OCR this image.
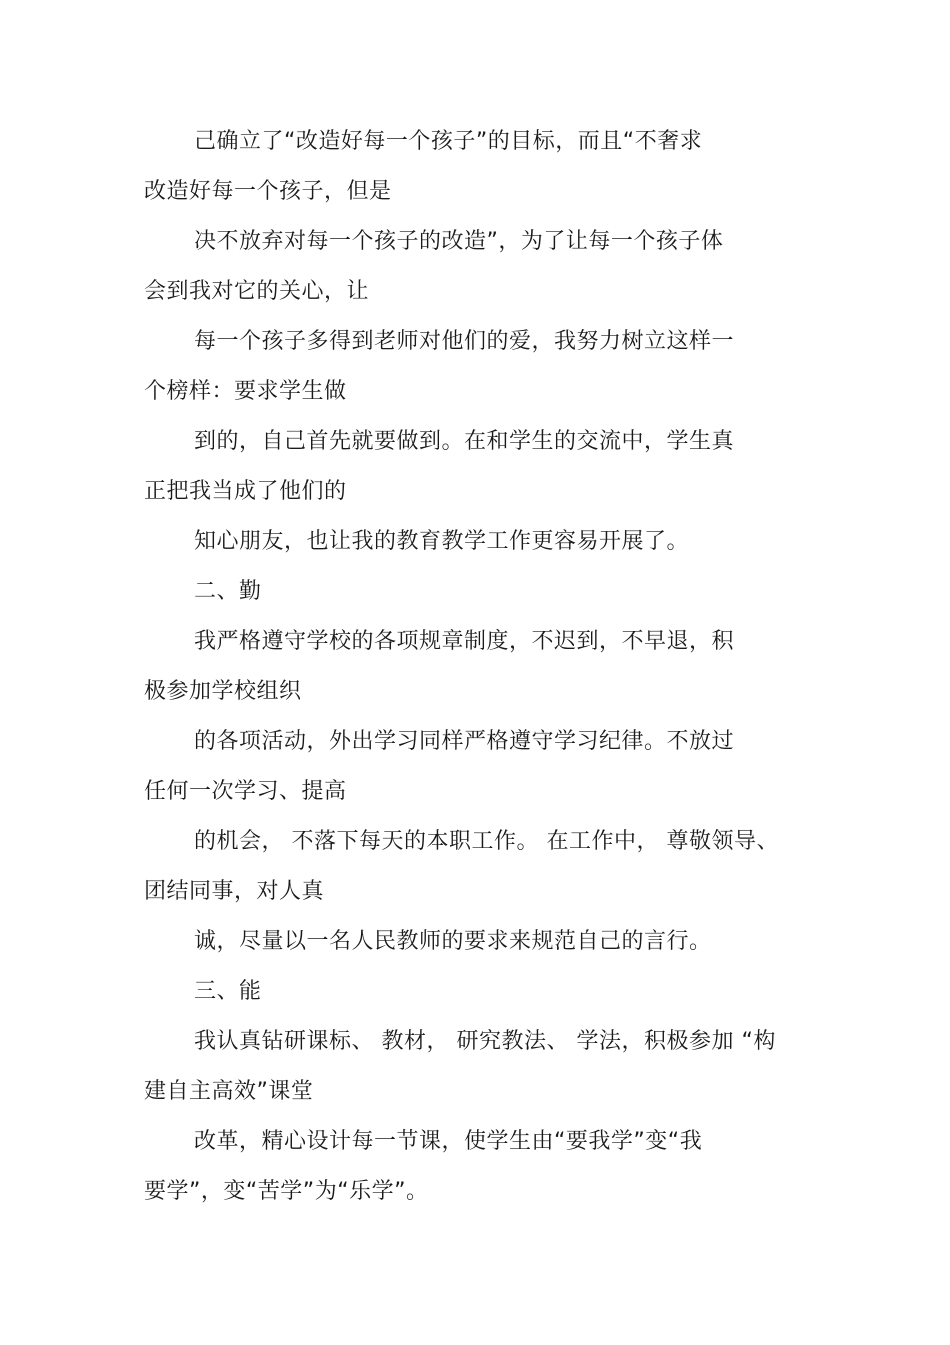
己确立了“改造好每一个孩子”的目标，而且“不奢求
改造好每一个孩子，但是
决不放弃对每一个孩子的改造”，为了让每一个孩子体
会到我对它的关心，让
每一个孩子多得到老师对他们的爱，我努力树立这样一
个榜样：要求学生做
到的，自己首先就要做到。在和学生的交流中，学生真
正把我当成了他们的
知心朋友，也让我的教育教学工作更容易开展了。
二、勤
我严格遵守学校的各项规章制度，不迟到，不早退，积
极参加学校组织
的各项活动，外出学习同样严格遵守学习纪律。不放过
任何一次学习、提高
的机会， 不落下每天的本职工作。 在工作中， 尊敬领导、
团结同事，对人真
诚，尽量以一名人民教师的要求来规范自己的言行。
三、能
我认真钻研课标、 教材， 研究教法、 学法，积极参加 “构
建自主高效”课堂
改革，精心设计每一节课，使学生由“要我学”变“我
要学”，变“苦学”为“乐学”。
